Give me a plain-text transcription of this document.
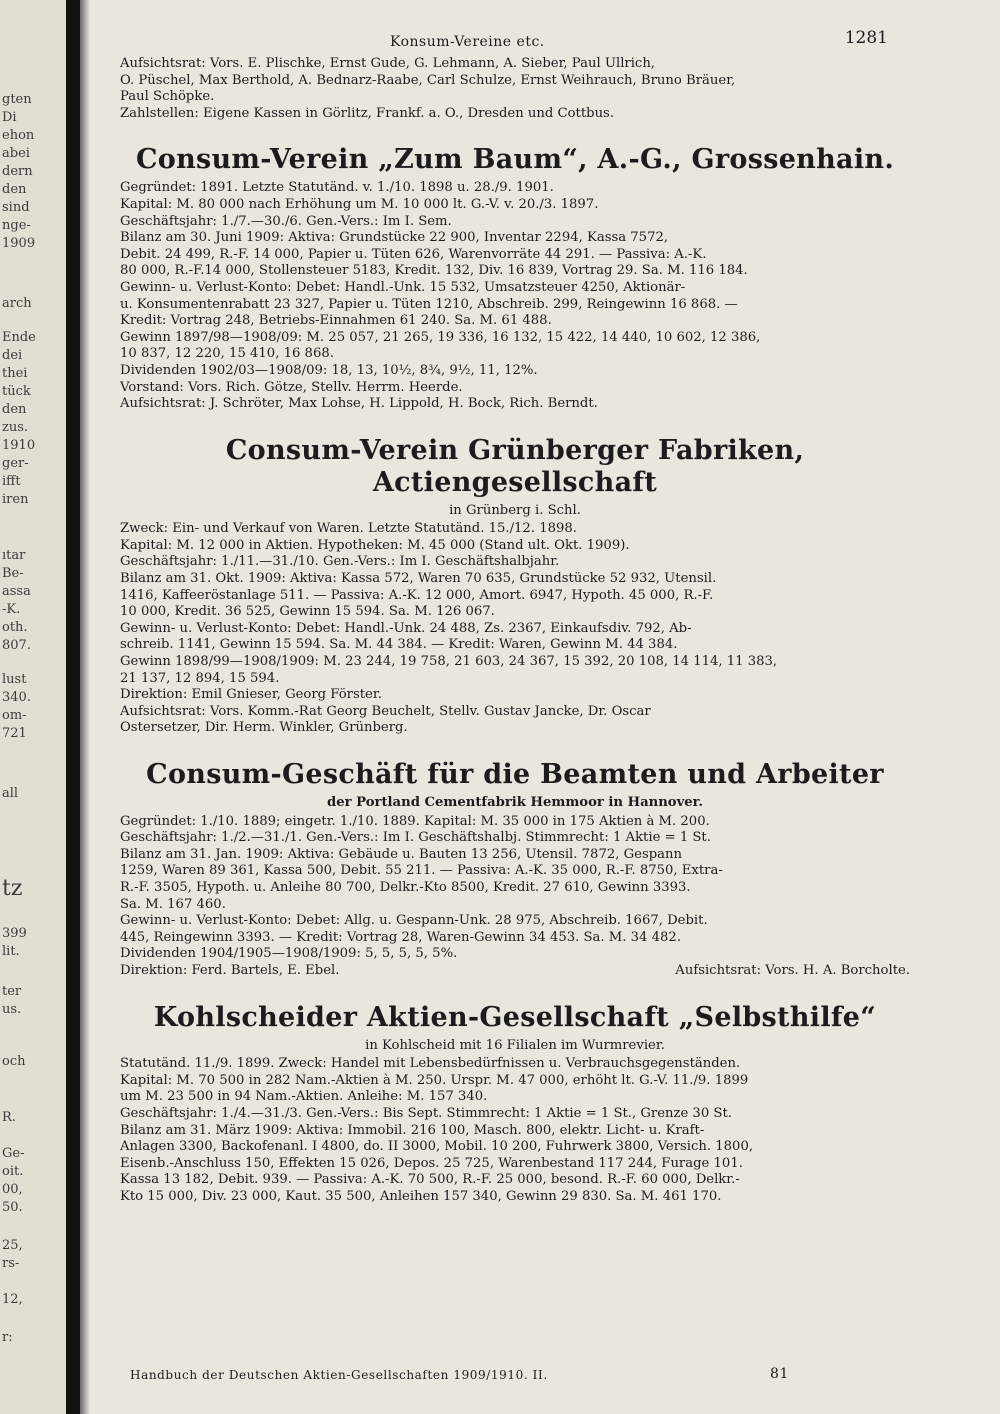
gten
Di
ehon
abei
dern
den
sind
nge-
1909
arch
Ende
dei
thei
tück
den
zus.
1910
ger-
ifft
iren
ıtar
Be-
assa
-K.
oth.
807.
lust
340.
om-
721
all
tz
399
lit.
ter
us.
och
R.
Ge-
oit.
00,
50.
25,
rs-
12,
r:
Konsum-Vereine etc.	1281

Aufsichtsrat: Vors. E. Plischke, Ernst Gude, G. Lehmann, A. Sieber, Paul Ullrich,

O. Püschel, Max Berthold, A. Bednarz-Raabe, Carl Schulze, Ernst Weihrauch, Bruno Bräuer,

Paul Schöpke.

Zahlstellen: Eigene Kassen in Görlitz, Frankf. a. O., Dresden und Cottbus.

Consum-Verein „Zum Baum“, A.-G., Grossenhain.

Gegründet: 1891. Letzte Statutänd. v. 1./10. 1898 u. 28./9. 1901.

Kapital: M. 80 000 nach Erhöhung um M. 10 000 lt. G.-V. v. 20./3. 1897.

Geschäftsjahr: 1./7.—30./6. Gen.-Vers.: Im I. Sem.

Bilanz am 30. Juni 1909: Aktiva: Grundstücke 22 900, Inventar 2294, Kassa 7572,

Debit. 24 499, R.-F. 14 000, Papier u. Tüten 626, Warenvorräte 44 291. — Passiva: A.-K.

80 000, R.-F.14 000, Stollensteuer 5183, Kredit. 132, Div. 16 839, Vortrag 29. Sa. M. 116 184.

Gewinn- u. Verlust-Konto: Debet: Handl.-Unk. 15 532, Umsatzsteuer 4250, Aktionär-

u. Konsumentenrabatt 23 327, Papier u. Tüten 1210, Abschreib. 299, Reingewinn 16 868. —

Kredit: Vortrag 248, Betriebs-Einnahmen 61 240. Sa. M. 61 488.

Gewinn 1897/98—1908/09: M. 25 057, 21 265, 19 336, 16 132, 15 422, 14 440, 10 602, 12 386,

10 837, 12 220, 15 410, 16 868.

Dividenden 1902/03—1908/09: 18, 13, 10½, 8¾, 9½, 11, 12%.

Vorstand: Vors. Rich. Götze, Stellv. Herrm. Heerde.

Aufsichtsrat: J. Schröter, Max Lohse, H. Lippold, H. Bock, Rich. Berndt.

Consum-Verein Grünberger Fabriken, Actiengesellschaft

in Grünberg i. Schl.

Zweck: Ein- und Verkauf von Waren. Letzte Statutänd. 15./12. 1898.

Kapital: M. 12 000 in Aktien. Hypotheken: M. 45 000 (Stand ult. Okt. 1909).

Geschäftsjahr: 1./11.—31./10. Gen.-Vers.: Im I. Geschäftshalbjahr.

Bilanz am 31. Okt. 1909: Aktiva: Kassa 572, Waren 70 635, Grundstücke 52 932, Utensil.

1416, Kaffeeröstanlage 511. — Passiva: A.-K. 12 000, Amort. 6947, Hypoth. 45 000, R.-F.

10 000, Kredit. 36 525, Gewinn 15 594. Sa. M. 126 067.

Gewinn- u. Verlust-Konto: Debet: Handl.-Unk. 24 488, Zs. 2367, Einkaufsdiv. 792, Ab-

schreib. 1141, Gewinn 15 594. Sa. M. 44 384. — Kredit: Waren, Gewinn M. 44 384.

Gewinn 1898/99—1908/1909: M. 23 244, 19 758, 21 603, 24 367, 15 392, 20 108, 14 114, 11 383,

21 137, 12 894, 15 594.

Direktion: Emil Gnieser, Georg Förster.

Aufsichtsrat: Vors. Komm.-Rat Georg Beuchelt, Stellv. Gustav Jancke, Dr. Oscar

Ostersetzer, Dir. Herm. Winkler, Grünberg.

Consum-Geschäft für die Beamten und Arbeiter

der Portland Cementfabrik Hemmoor in Hannover.

Gegründet: 1./10. 1889; eingetr. 1./10. 1889. Kapital: M. 35 000 in 175 Aktien à M. 200.

Geschäftsjahr: 1./2.—31./1. Gen.-Vers.: Im I. Geschäftshalbj. Stimmrecht: 1 Aktie = 1 St.

Bilanz am 31. Jan. 1909: Aktiva: Gebäude u. Bauten 13 256, Utensil. 7872, Gespann

1259, Waren 89 361, Kassa 500, Debit. 55 211. — Passiva: A.-K. 35 000, R.-F. 8750, Extra-

R.-F. 3505, Hypoth. u. Anleihe 80 700, Delkr.-Kto 8500, Kredit. 27 610, Gewinn 3393.

Sa. M. 167 460.

Gewinn- u. Verlust-Konto: Debet: Allg. u. Gespann-Unk. 28 975, Abschreib. 1667, Debit.

445, Reingewinn 3393. — Kredit: Vortrag 28, Waren-Gewinn 34 453. Sa. M. 34 482.

Dividenden 1904/1905—1908/1909: 5, 5, 5, 5, 5%.

Direktion: Ferd. Bartels, E. Ebel.	Aufsichtsrat: Vors. H. A. Borcholte.
Kohlscheider Aktien-Gesellschaft „Selbsthilfe“

in Kohlscheid mit 16 Filialen im Wurmrevier.

Statutänd. 11./9. 1899. Zweck: Handel mit Lebensbedürfnissen u. Verbrauchsgegenständen.

Kapital: M. 70 500 in 282 Nam.-Aktien à M. 250. Urspr. M. 47 000, erhöht lt. G.-V. 11./9. 1899

um M. 23 500 in 94 Nam.-Aktien. Anleihe: M. 157 340.

Geschäftsjahr: 1./4.—31./3. Gen.-Vers.: Bis Sept. Stimmrecht: 1 Aktie = 1 St., Grenze 30 St.

Bilanz am 31. März 1909: Aktiva: Immobil. 216 100, Masch. 800, elektr. Licht- u. Kraft-

Anlagen 3300, Backofenanl. I 4800, do. II 3000, Mobil. 10 200, Fuhrwerk 3800, Versich. 1800,

Eisenb.-Anschluss 150, Effekten 15 026, Depos. 25 725, Warenbestand 117 244, Furage 101.

Kassa 13 182, Debit. 939. — Passiva: A.-K. 70 500, R.-F. 25 000, besond. R.-F. 60 000, Delkr.-

Kto 15 000, Div. 23 000, Kaut. 35 500, Anleihen 157 340, Gewinn 29 830. Sa. M. 461 170.

Handbuch der Deutschen Aktien-Gesellschaften 1909/1910. II.	81
